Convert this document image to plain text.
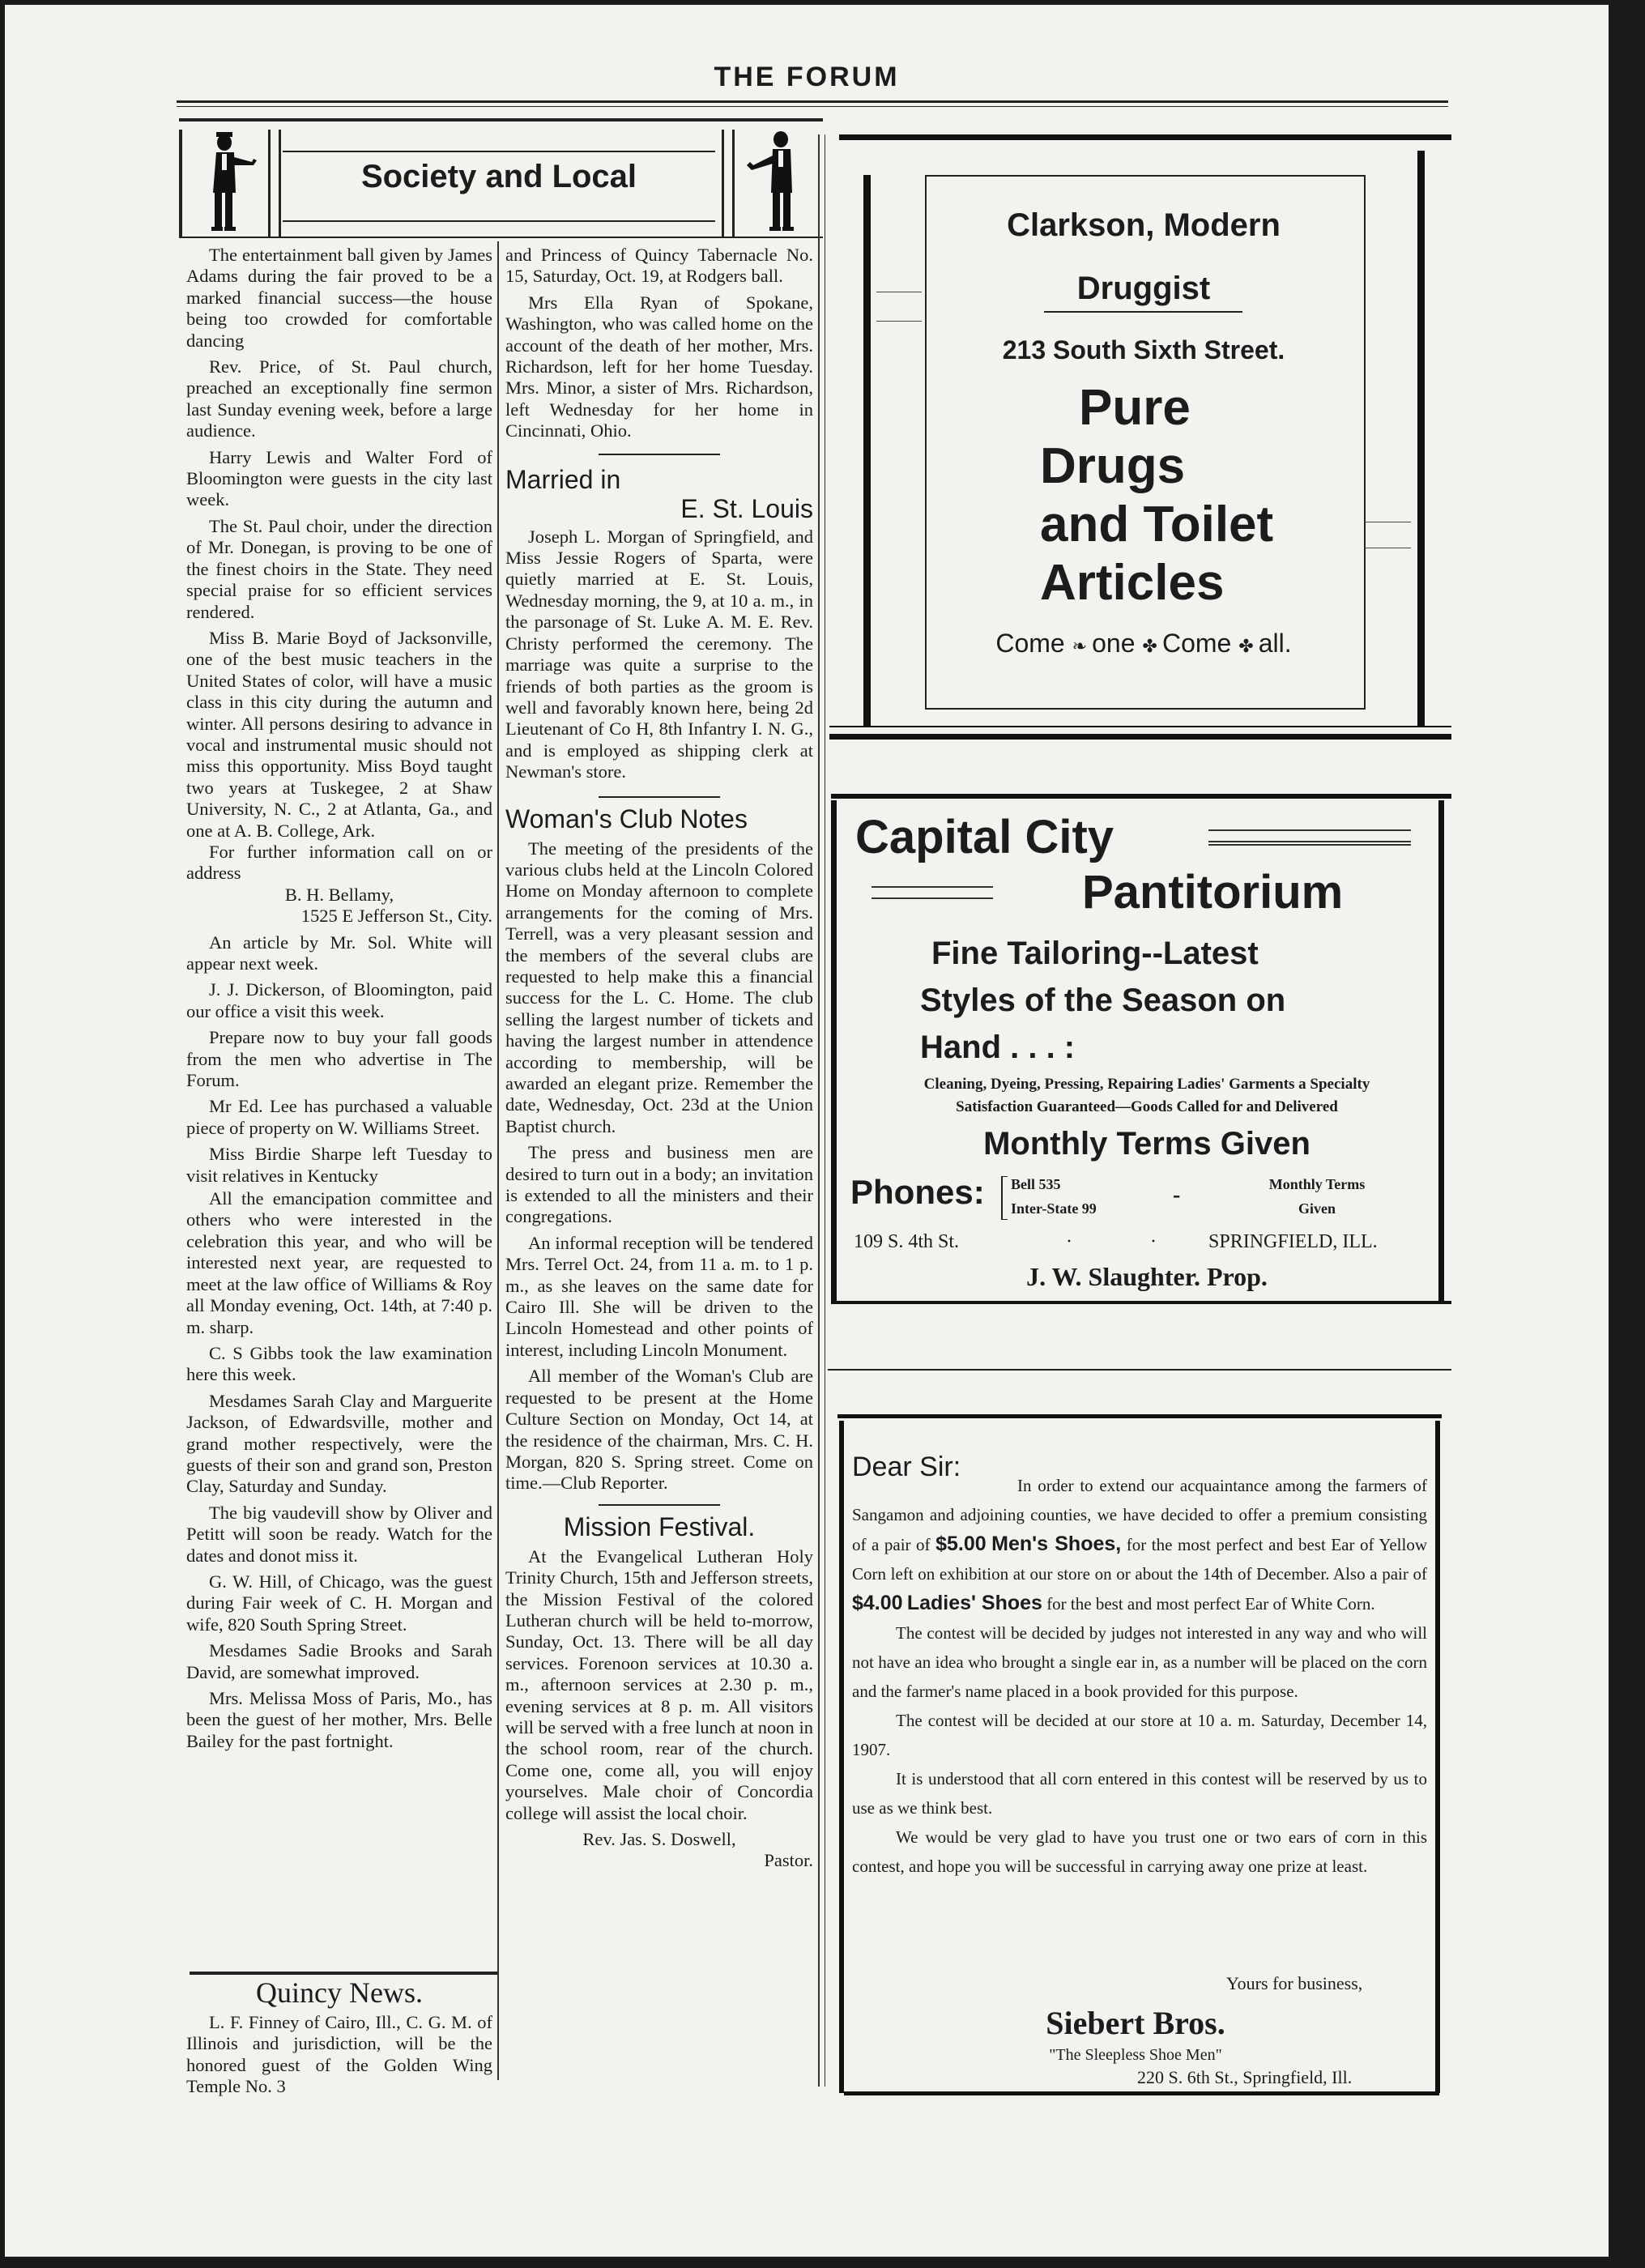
THE FORUM
Society and Local

The entertainment ball given by James Adams during the fair proved to be a marked financial success—the house being too crowded for comfortable dancing

Rev. Price, of St. Paul church, preached an exceptionally fine sermon last Sunday evening week, before a large audience.

Harry Lewis and Walter Ford of Bloomington were guests in the city last week.

The St. Paul choir, under the direction of Mr. Donegan, is proving to be one of the finest choirs in the State. They need special praise for so efficient services rendered.

Miss B. Marie Boyd of Jacksonville, one of the best music teachers in the United States of color, will have a music class in this city during the autumn and winter. All persons desiring to advance in vocal and instrumental music should not miss this opportunity. Miss Boyd taught two years at Tuskegee, 2 at Shaw University, N. C., 2 at Atlanta, Ga., and one at A. B. College, Ark.

For further information call on or address

B. H. Bellamy,

1525 E Jefferson St., City.

An article by Mr. Sol. White will appear next week.

J. J. Dickerson, of Bloomington, paid our office a visit this week.

Prepare now to buy your fall goods from the men who advertise in The Forum.

Mr Ed. Lee has purchased a valuable piece of property on W. Williams Street.

Miss Birdie Sharpe left Tuesday to visit relatives in Kentucky

All the emancipation committee and others who were interested in the celebration this year, and who will be interested next year, are requested to meet at the law office of Williams & Roy all Monday evening, Oct. 14th, at 7:40 p. m. sharp.

C. S Gibbs took the law examination here this week.

Mesdames Sarah Clay and Marguerite Jackson, of Edwardsville, mother and grand mother respectively, were the guests of their son and grand son, Preston Clay, Saturday and Sunday.

The big vaudevill show by Oliver and Petitt will soon be ready. Watch for the dates and donot miss it.

G. W. Hill, of Chicago, was the guest during Fair week of C. H. Morgan and wife, 820 South Spring Street.

Mesdames Sadie Brooks and Sarah David, are somewhat improved.

Mrs. Melissa Moss of Paris, Mo., has been the guest of her mother, Mrs. Belle Bailey for the past fortnight.

Quincy News.

L. F. Finney of Cairo, Ill., C. G. M. of Illinois and jurisdiction, will be the honored guest of the Golden Wing Temple No. 3

and Princess of Quincy Tabernacle No. 15, Saturday, Oct. 19, at Rodgers ball.

Mrs Ella Ryan of Spokane, Washington, who was called home on the account of the death of her mother, Mrs. Richardson, left for her home Tuesday. Mrs. Minor, a sister of Mrs. Richardson, left Wednesday for her home in Cincinnati, Ohio.

Married in
E. St. Louis

Joseph L. Morgan of Springfield, and Miss Jessie Rogers of Sparta, were quietly married at E. St. Louis, Wednesday morning, the 9, at 10 a. m., in the parsonage of St. Luke A. M. E. Rev. Christy performed the ceremony. The marriage was quite a surprise to the friends of both parties as the groom is well and favorably known here, being 2d Lieutenant of Co H, 8th Infantry I. N. G., and is employed as shipping clerk at Newman's store.

Woman's Club Notes

The meeting of the presidents of the various clubs held at the Lincoln Colored Home on Monday afternoon to complete arrangements for the coming of Mrs. Terrell, was a very pleasant session and the members of the several clubs are requested to help make this a financial success for the L. C. Home. The club selling the largest number of tickets and having the largest number in attendence according to membership, will be awarded an elegant prize. Remember the date, Wednesday, Oct. 23d at the Union Baptist church.

The press and business men are desired to turn out in a body; an invitation is extended to all the ministers and their congregations.

An informal reception will be tendered Mrs. Terrel Oct. 24, from 11 a. m. to 1 p. m., as she leaves on the same date for Cairo Ill. She will be driven to the Lincoln Homestead and other points of interest, including Lincoln Monument.

All member of the Woman's Club are requested to be present at the Home Culture Section on Monday, Oct 14, at the residence of the chairman, Mrs. C. H. Morgan, 820 S. Spring street. Come on time.—Club Reporter.

Mission Festival.

At the Evangelical Lutheran Holy Trinity Church, 15th and Jefferson streets, the Mission Festival of the colored Lutheran church will be held to-morrow, Sunday, Oct. 13. There will be all day services. Forenoon services at 10.30 a. m., afternoon services at 2.30 p. m., evening services at 8 p. m. All visitors will be served with a free lunch at noon in the school room, rear of the church. Come one, come all, you will enjoy yourselves. Male choir of Concordia college will assist the local choir.

Rev. Jas. S. Doswell,

Pastor.

Clarkson, Modern
Druggist
213 South Sixth Street.
Pure
Drugs
and Toilet
Articles
Come ❧ one ✤ Come ✤ all.
Capital City
Pantitorium
Fine Tailoring--Latest
Styles of the Season on
Hand . . . :
Cleaning, Dyeing, Pressing, Repairing Ladies' Garments a Specialty
Satisfaction Guaranteed—Goods Called for and Delivered
Monthly Terms Given
Phones: Bell 535
Inter-State 99
-	Monthly Terms
Given
109 S. 4th St.	·	·	SPRINGFIELD, ILL.
J. W. Slaughter. Prop.
Dear Sir:

In order to extend our acquaintance among the farmers of Sangamon and adjoining counties, we have decided to offer a premium consisting of a pair of $5.00 Men's Shoes, for the most perfect and best Ear of Yellow Corn left on exhibition at our store on or about the 14th of December. Also a pair of $4.00 Ladies' Shoes for the best and most perfect Ear of White Corn.

The contest will be decided by judges not interested in any way and who will not have an idea who brought a single ear in, as a number will be placed on the corn and the farmer's name placed in a book provided for this purpose.

The contest will be decided at our store at 10 a. m. Saturday, December 14, 1907.

It is understood that all corn entered in this contest will be reserved by us to use as we think best.

We would be very glad to have you trust one or two ears of corn in this contest, and hope you will be successful in carrying away one prize at least.

Yours for business,
Siebert Bros.
"The Sleepless Shoe Men"
220 S. 6th St., Springfield, Ill.
